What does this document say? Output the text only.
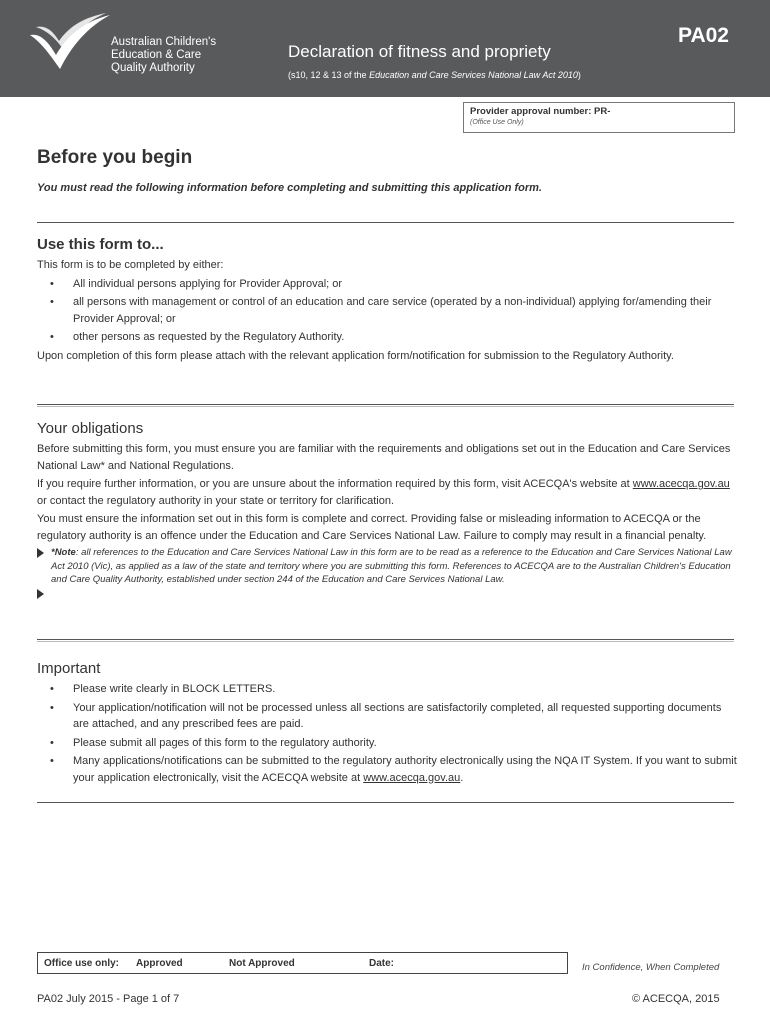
Australian Children's
Education & Care
Quality Authority
Declaration of fitness and propriety
(s10, 12 & 13 of the Education and Care Services National Law Act 2010)
PA02
Provider approval number: PR-
(Office Use Only)
Before you begin
You must read the following information before completing and submitting this application form.
Use this form to...
This form is to be completed by either:
• All individual persons applying for Provider Approval; or
• all persons with management or control of an education and care service (operated by a non-individual) applying for/amending their Provider Approval; or
• other persons as requested by the Regulatory Authority.
Upon completion of this form please attach with the relevant application form/notification for submission to the Regulatory Authority.
Your obligations
Before submitting this form, you must ensure you are familiar with the requirements and obligations set out in the Education and Care Services National Law* and National Regulations.
If you require further information, or you are unsure about the information required by this form, visit ACECQA's website at www.acecqa.gov.au or contact the regulatory authority in your state or territory for clarification.
You must ensure the information set out in this form is complete and correct. Providing false or misleading information to ACECQA or the regulatory authority is an offence under the Education and Care Services National Law. Failure to comply may result in a financial penalty.
*Note: all references to the Education and Care Services National Law in this form are to be read as a reference to the Education and Care Services National Law Act 2010 (Vic), as applied as a law of the state and territory where you are submitting this form. References to ACECQA are to the Australian Children's Education and Care Quality Authority, established under section 244 of the Education and Care Services National Law.
Important
• Please write clearly in BLOCK LETTERS.
• Your application/notification will not be processed unless all sections are satisfactorily completed, all requested supporting documents are attached, and any prescribed fees are paid.
• Please submit all pages of this form to the regulatory authority.
• Many applications/notifications can be submitted to the regulatory authority electronically using the NQA IT System. If you want to submit your application electronically, visit the ACECQA website at www.acecqa.gov.au.
Office use only: Approved	Not Approved	Date:	In Confidence, When Completed
PA02 July 2015 - Page 1 of 7	© ACECQA, 2015
